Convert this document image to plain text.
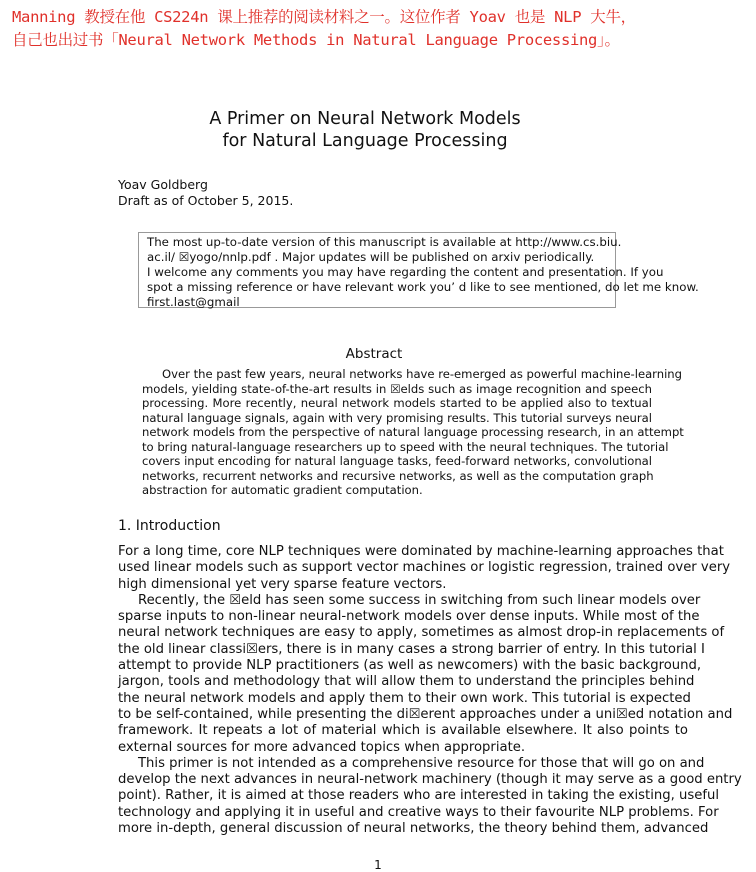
Manning 教授在他 CS224n 课上推荐的阅读材料之一。这位作者 Yoav 也是 NLP 大牛，
自己也出过书「Neural Network Methods in Natural Language Processing」。
A Primer on Neural Network Models
for Natural Language Processing
Yoav Goldberg
Draft as of October 5, 2015.
The most up-to-date version of this manuscript is available at http://www.cs.biu.
ac.il/ ☒yogo/nnlp.pdf . Major updates will be published on arxiv periodically.
I welcome any comments you may have regarding the content and presentation. If you
spot a missing reference or have relevant work you’ d like to see mentioned, do let me know.
first.last@gmail
Abstract
Over the past few years, neural networks have re-emerged as powerful machine-learning
models, yielding state-of-the-art results in ☒elds such as image recognition and speech
processing. More recently, neural network models started to be applied also to textual
natural language signals, again with very promising results. This tutorial surveys neural
network models from the perspective of natural language processing research, in an attempt
to bring natural-language researchers up to speed with the neural techniques. The tutorial
covers input encoding for natural language tasks, feed-forward networks, convolutional
networks, recurrent networks and recursive networks, as well as the computation graph
abstraction for automatic gradient computation.
1. Introduction
For a long time, core NLP techniques were dominated by machine-learning approaches that
used linear models such as support vector machines or logistic regression, trained over very
high dimensional yet very sparse feature vectors.
Recently, the ☒eld has seen some success in switching from such linear models over
sparse inputs to non-linear neural-network models over dense inputs. While most of the
neural network techniques are easy to apply, sometimes as almost drop-in replacements of
the old linear classi☒ers, there is in many cases a strong barrier of entry. In this tutorial I
attempt to provide NLP practitioners (as well as newcomers) with the basic background,
jargon, tools and methodology that will allow them to understand the principles behind
the neural network models and apply them to their own work. This tutorial is expected
to be self-contained, while presenting the di☒erent approaches under a uni☒ed notation and
framework. It repeats a lot of material which is available elsewhere. It also points to
external sources for more advanced topics when appropriate.
This primer is not intended as a comprehensive resource for those that will go on and
develop the next advances in neural-network machinery (though it may serve as a good entry
point). Rather, it is aimed at those readers who are interested in taking the existing, useful
technology and applying it in useful and creative ways to their favourite NLP problems. For
more in-depth, general discussion of neural networks, the theory behind them, advanced
1
